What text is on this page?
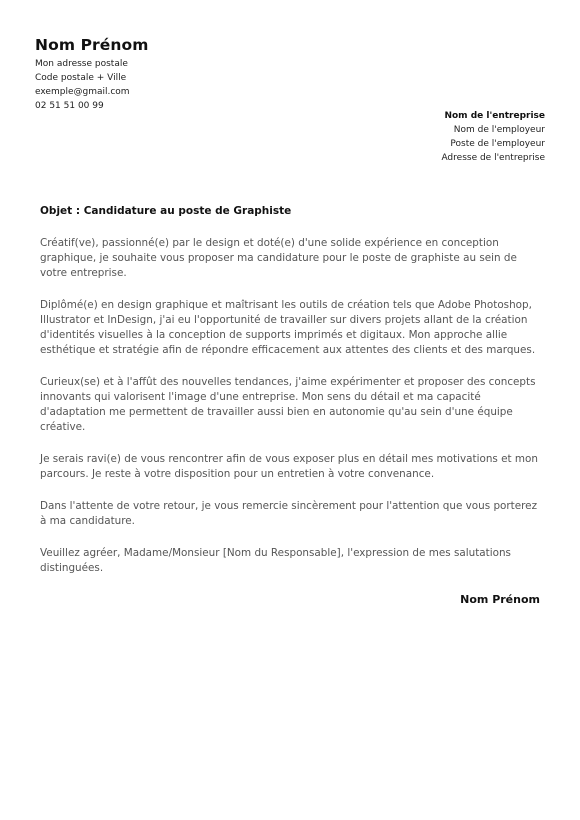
Nom Prénom
Mon adresse postale
Code postale + Ville
exemple@gmail.com
02 51 51 00 99
Nom de l'entreprise
Nom de l'employeur
Poste de l'employeur
Adresse de l'entreprise
Objet : Candidature au poste de Graphiste

Créatif(ve), passionné(e) par le design et doté(e) d'une solide expérience en conception graphique, je souhaite vous proposer ma candidature pour le poste de graphiste au sein de votre entreprise.

Diplômé(e) en design graphique et maîtrisant les outils de création tels que Adobe Photoshop, Illustrator et InDesign, j'ai eu l'opportunité de travailler sur divers projets allant de la création d'identités visuelles à la conception de supports imprimés et digitaux. Mon approche allie esthétique et stratégie afin de répondre efficacement aux attentes des clients et des marques.

Curieux(se) et à l'affût des nouvelles tendances, j'aime expérimenter et proposer des concepts innovants qui valorisent l'image d'une entreprise. Mon sens du détail et ma capacité d'adaptation me permettent de travailler aussi bien en autonomie qu'au sein d'une équipe créative.

Je serais ravi(e) de vous rencontrer afin de vous exposer plus en détail mes motivations et mon parcours. Je reste à votre disposition pour un entretien à votre convenance.

Dans l'attente de votre retour, je vous remercie sincèrement pour l'attention que vous porterez à ma candidature.

Veuillez agréer, Madame/Monsieur [Nom du Responsable], l'expression de mes salutations distinguées.

Nom Prénom
